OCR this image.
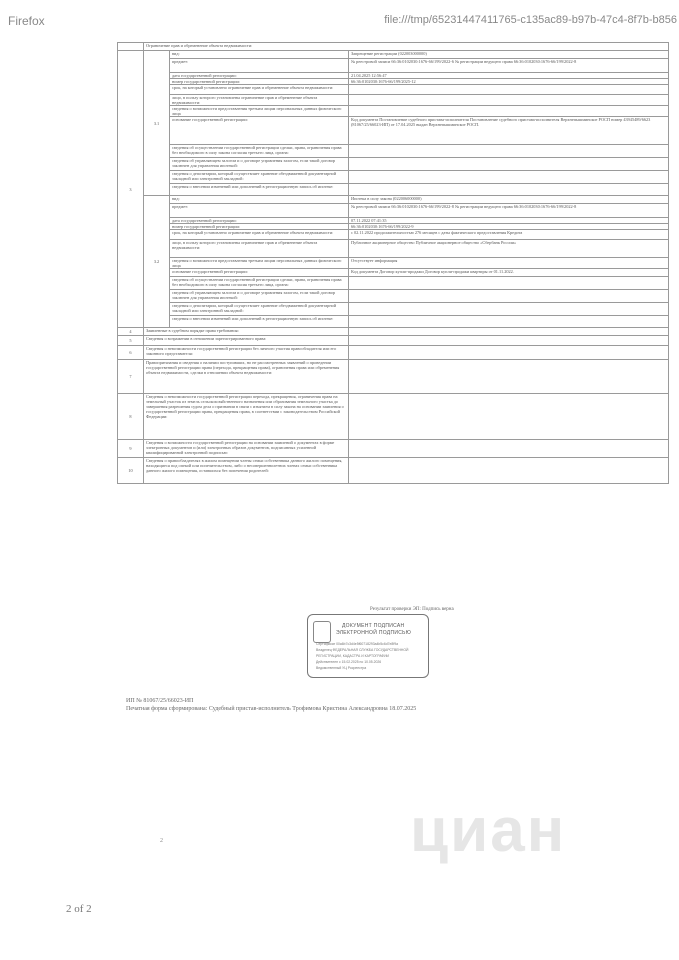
Firefox	file:///tmp/65231447411765-c135ac89-b97b-47c4-8f7b-b856
	Ограничение прав и обременение объекта недвижимости:		
3	3.1	вид:	Запрещение регистрации (022003000000)
		предмет:	№ реестровой записи 66:36:0102030:1676-66/199/2022-6 № регистрации ведущего права 66:36:0102030:1676-66/199/2022-8
		дата государственной регистрации:	21.04.2025 12:56:47
		номер государственной регистрации:	66:36:0102030:1676-66/199/2025-12
		срок, на который установлено ограничение прав и обременение объекта недвижимости:	
		лицо, в пользу которого установлены ограничение прав и обременение объекта недвижимости:	
		сведения о возможности предоставления третьим лицам персональных данных физического лица	
		основание государственной регистрации:	Код документа Постановление судебного пристава-исполнителя Постановление судебного пристава-исполнителя Верхнепышминское РОСП номер 43945489/6623 (81067/25/66023-ИП) от 17.04.2025 выдан Верхнепышминское РОСП.
		сведения об осуществлении государственной регистрации сделки, права, ограничения права без необходимого в силу закона согласия третьего лица, органа:	
		сведения об управляющем залогом и о договоре управления залогом, если такой договор заключен для управления ипотекой:	
		сведения о депозитарии, который осуществляет хранение обездвиженной документарной закладной или электронной закладной:	
		сведения о внесении изменений или дополнений в регистрационную запись об ипотеке:	
	3.2	вид:	Ипотека в силу закона (022006000000)
		предмет:	№ реестровой записи 66:36:0102030:1676-66/199/2022-8 № регистрации ведущего права 66:36:0102030:1676-66/199/2022-8
		дата государственной регистрации:	07.11.2022 07:41:35
		номер государственной регистрации:	66:36:0102030:1676-66/199/2022-9
		срок, на который установлено ограничение прав и обременение объекта недвижимости:	с 02.11.2022 продолжительностью 276 месяцев с даты фактического предоставления Кредита
		лицо, в пользу которого установлены ограничение прав и обременение объекта недвижимости:	Публичное акционерное общество Публичное акционерное общество «Сбербанк России»
		сведения о возможности предоставления третьим лицам персональных данных физического лица	Отсутствует информация
		основание государственной регистрации:	Код документа Договор купли-продажи Договор купли-продажи квартиры от 01.11.2022.
		сведения об осуществлении государственной регистрации сделки, права, ограничения права без необходимого в силу закона согласия третьего лица, органа:	
		сведения об управляющем залогом и о договоре управления залогом, если такой договор заключен для управления ипотекой:	
		сведения о депозитарии, который осуществляет хранение обездвиженной документарной закладной или электронной закладной:	
		сведения о внесении изменений или дополнений в регистрационную запись об ипотеке:	
4	Заявленные в судебном порядке права требования:		
5	Сведения о возражении в отношении зарегистрированного права:		
6	Сведения о невозможности государственной регистрации без личного участия правообладателя или его законного представителя:		
7	Правопритязания и сведения о наличии поступивших, но не рассмотренных заявлений о проведении государственной регистрации права (перехода, прекращения права), ограничения права или обременения объекта недвижимости, сделки в отношении объекта недвижимости:		
8	Сведения о невозможности государственной регистрации перехода, прекращения, ограничения права на земельный участок из земель сельскохозяйственного назначения или образования земельного участка до завершения разрешения судом дела о признании в связи с изъятием в силу закона на основании заявления о государственной регистрации права, прекращения права, в соответствии с законодательством Российской Федерации:		
9	Сведения о возможности государственной регистрации на основании заявлений о документах в форме электронных документов и (или) электронных образов документов, подписанных усиленной квалифицированной электронной подписью:		
10	Сведения о правообладателях в жилом помещении члены семьи собственника данного жилого помещения, находящиеся под опекой или попечительством, либо о несовершеннолетних членах семьи собственника данного жилого помещения, оставшихся без попечения родителей:		
циан
2
Результат проверки ЭП: Подпись верна
ДОКУМЕНТ ПОДПИСАН
ЭЛЕКТРОННОЙ ПОДПИСЬЮ
Сертификат 00a6b7c3d4e5f60718293a4b5c6d7e8f9a
Владелец ФЕДЕРАЛЬНАЯ СЛУЖБА ГОСУДАРСТВЕННОЙ
РЕГИСТРАЦИИ, КАДАСТРА И КАРТОГРАФИИ
Действителен с 15.02.2025 по 10.05.2026
Ведомственный УЦ Росреестра
ИП № 81067/25/66023-ИП
Печатная форма сформирована: Судебный пристав-исполнитель Трофимова Кристина Александровна 18.07.2025
2 of 2
